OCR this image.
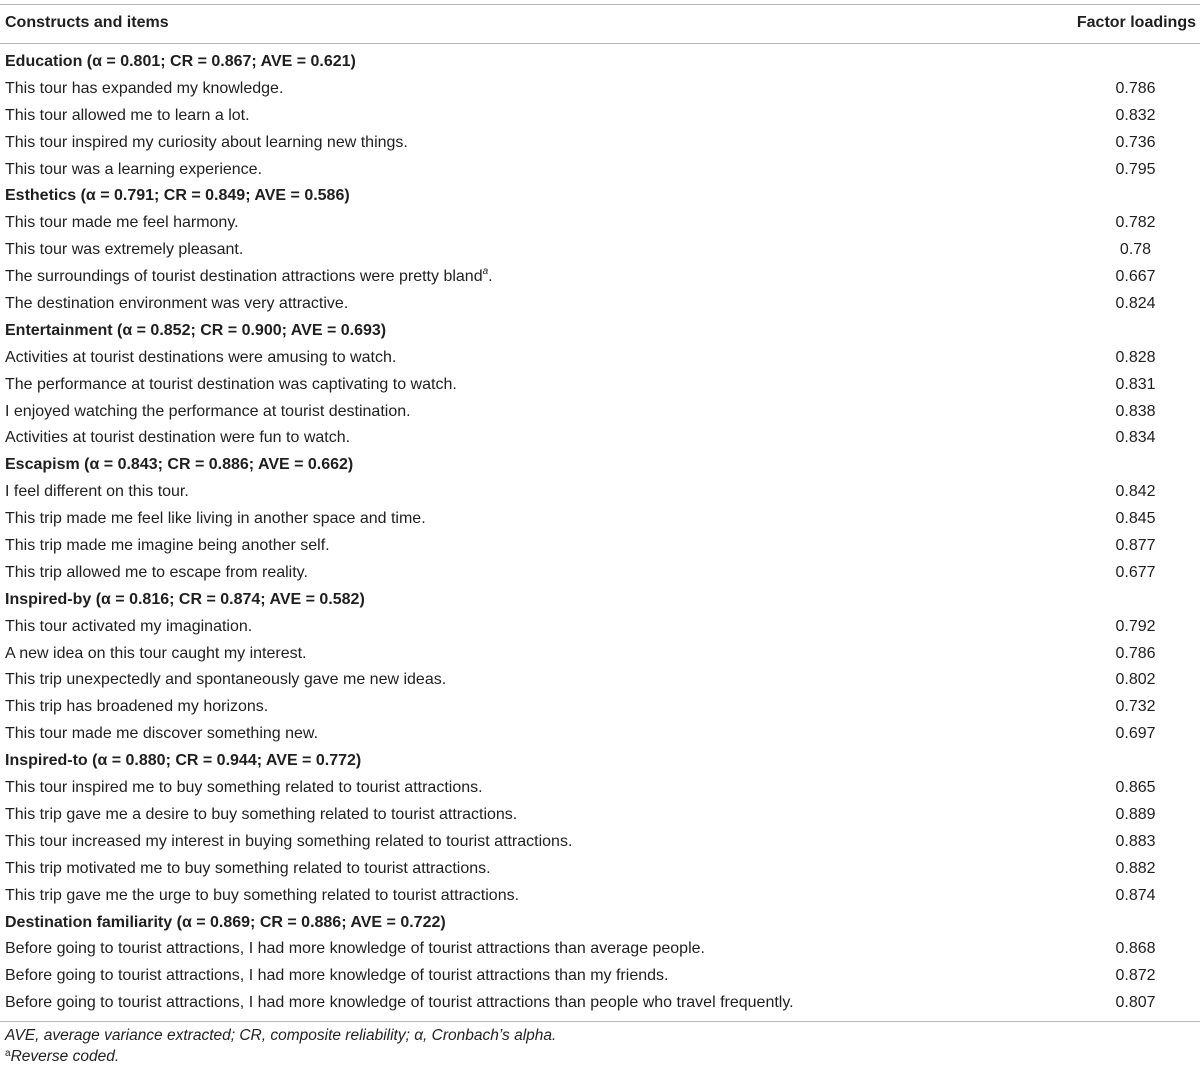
Constructs and items	Factor loadings
Education (α = 0.801; CR = 0.867; AVE = 0.621)
This tour has expanded my knowledge.	0.786
This tour allowed me to learn a lot.	0.832
This tour inspired my curiosity about learning new things.	0.736
This tour was a learning experience.	0.795
Esthetics (α = 0.791; CR = 0.849; AVE = 0.586)
This tour made me feel harmony.	0.782
This tour was extremely pleasant.	0.78
The surroundings of tourist destination attractions were pretty bland$^a$.	0.667
The destination environment was very attractive.	0.824
Entertainment (α = 0.852; CR = 0.900; AVE = 0.693)
Activities at tourist destinations were amusing to watch.	0.828
The performance at tourist destination was captivating to watch.	0.831
I enjoyed watching the performance at tourist destination.	0.838
Activities at tourist destination were fun to watch.	0.834
Escapism (α = 0.843; CR = 0.886; AVE = 0.662)
I feel different on this tour.	0.842
This trip made me feel like living in another space and time.	0.845
This trip made me imagine being another self.	0.877
This trip allowed me to escape from reality.	0.677
Inspired-by (α = 0.816; CR = 0.874; AVE = 0.582)
This tour activated my imagination.	0.792
A new idea on this tour caught my interest.	0.786
This trip unexpectedly and spontaneously gave me new ideas.	0.802
This trip has broadened my horizons.	0.732
This tour made me discover something new.	0.697
Inspired-to (α = 0.880; CR = 0.944; AVE = 0.772)
This tour inspired me to buy something related to tourist attractions.	0.865
This trip gave me a desire to buy something related to tourist attractions.	0.889
This tour increased my interest in buying something related to tourist attractions.	0.883
This trip motivated me to buy something related to tourist attractions.	0.882
This trip gave me the urge to buy something related to tourist attractions.	0.874
Destination familiarity (α = 0.869; CR = 0.886; AVE = 0.722)
Before going to tourist attractions, I had more knowledge of tourist attractions than average people.	0.868
Before going to tourist attractions, I had more knowledge of tourist attractions than my friends.	0.872
Before going to tourist attractions, I had more knowledge of tourist attractions than people who travel frequently.	0.807
AVE, average variance extracted; CR, composite reliability; α, Cronbach’s alpha.
$^a$Reverse coded.
